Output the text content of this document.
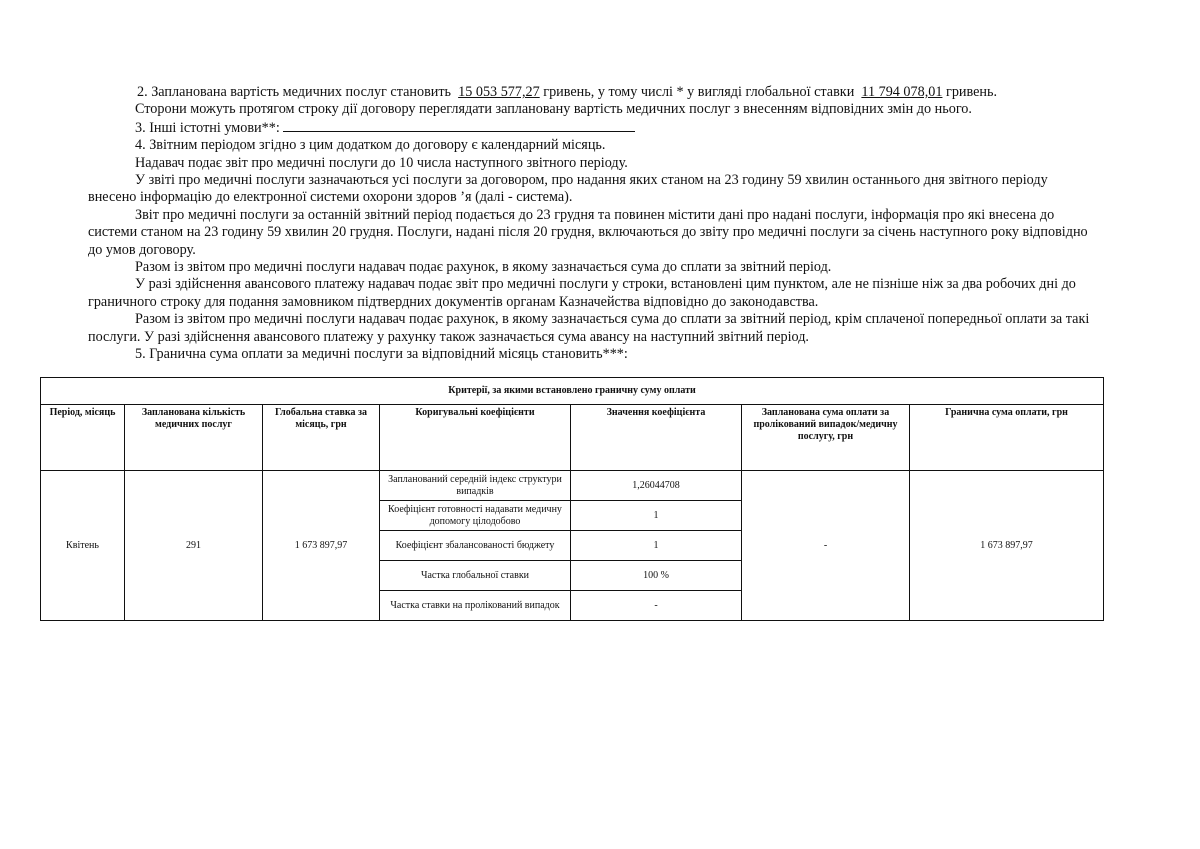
2. Запланована вартість медичних послуг становить 15 053 577,27 гривень, у тому числі * у вигляді глобальної ставки 11 794 078,01 гривень.

Сторони можуть протягом строку дії договору переглядати заплановану вартість медичних послуг з внесенням відповідних змін до нього.

3. Інші істотні умови**:

4. Звітним періодом згідно з цим додатком до договору є календарний місяць.

Надавач подає звіт про медичні послуги до 10 числа наступного звітного періоду.

У звіті про медичні послуги зазначаються усі послуги за договором, про надання яких станом на 23 годину 59 хвилин останнього дня звітного періоду внесено інформацію до електронної системи охорони здоров ’я (далі - система).

Звіт про медичні послуги за останній звітний період подається до 23 грудня та повинен містити дані про надані послуги, інформація про які внесена до системи станом на 23 годину 59 хвилин 20 грудня. Послуги, надані після 20 грудня, включаються до звіту про медичні послуги за січень наступного року відповідно до умов договору.

Разом із звітом про медичні послуги надавач подає рахунок, в якому зазначається сума до сплати за звітний період.

У разі здійснення авансового платежу надавач подає звіт про медичні послуги у строки, встановлені цим пунктом, але не пізніше ніж за два робочих дні до граничного строку для подання замовником підтвердних документів органам Казначейства відповідно до законодавства.

Разом із звітом про медичні послуги надавач подає рахунок, в якому зазначається сума до сплати за звітний період, крім сплаченої попередньої оплати за такі послуги. У разі здійснення авансового платежу у рахунку також зазначається сума авансу на наступний звітний період.

5. Гранична сума оплати за медичні послуги за відповідний місяць становить***:

Критерії, за якими встановлено граничну суму оплати						
Період, місяць	Запланована кількість медичних послуг	Глобальна ставка за місяць, грн	Коригувальні коефіцієнти	Значення коефіцієнта	Запланована сума оплати за пролікований випадок/медичну послугу, грн	Гранична сума оплати, грн
Квітень	291	1 673 897,97	Запланований середній індекс структури випадків	1,26044708	-	1 673 897,97
			Коефіцієнт готовності надавати медичну допомогу цілодобово	1		
			Коефіцієнт збалансованості бюджету	1		
			Частка глобальної ставки	100 %		
			Частка ставки на пролікований випадок	-		
